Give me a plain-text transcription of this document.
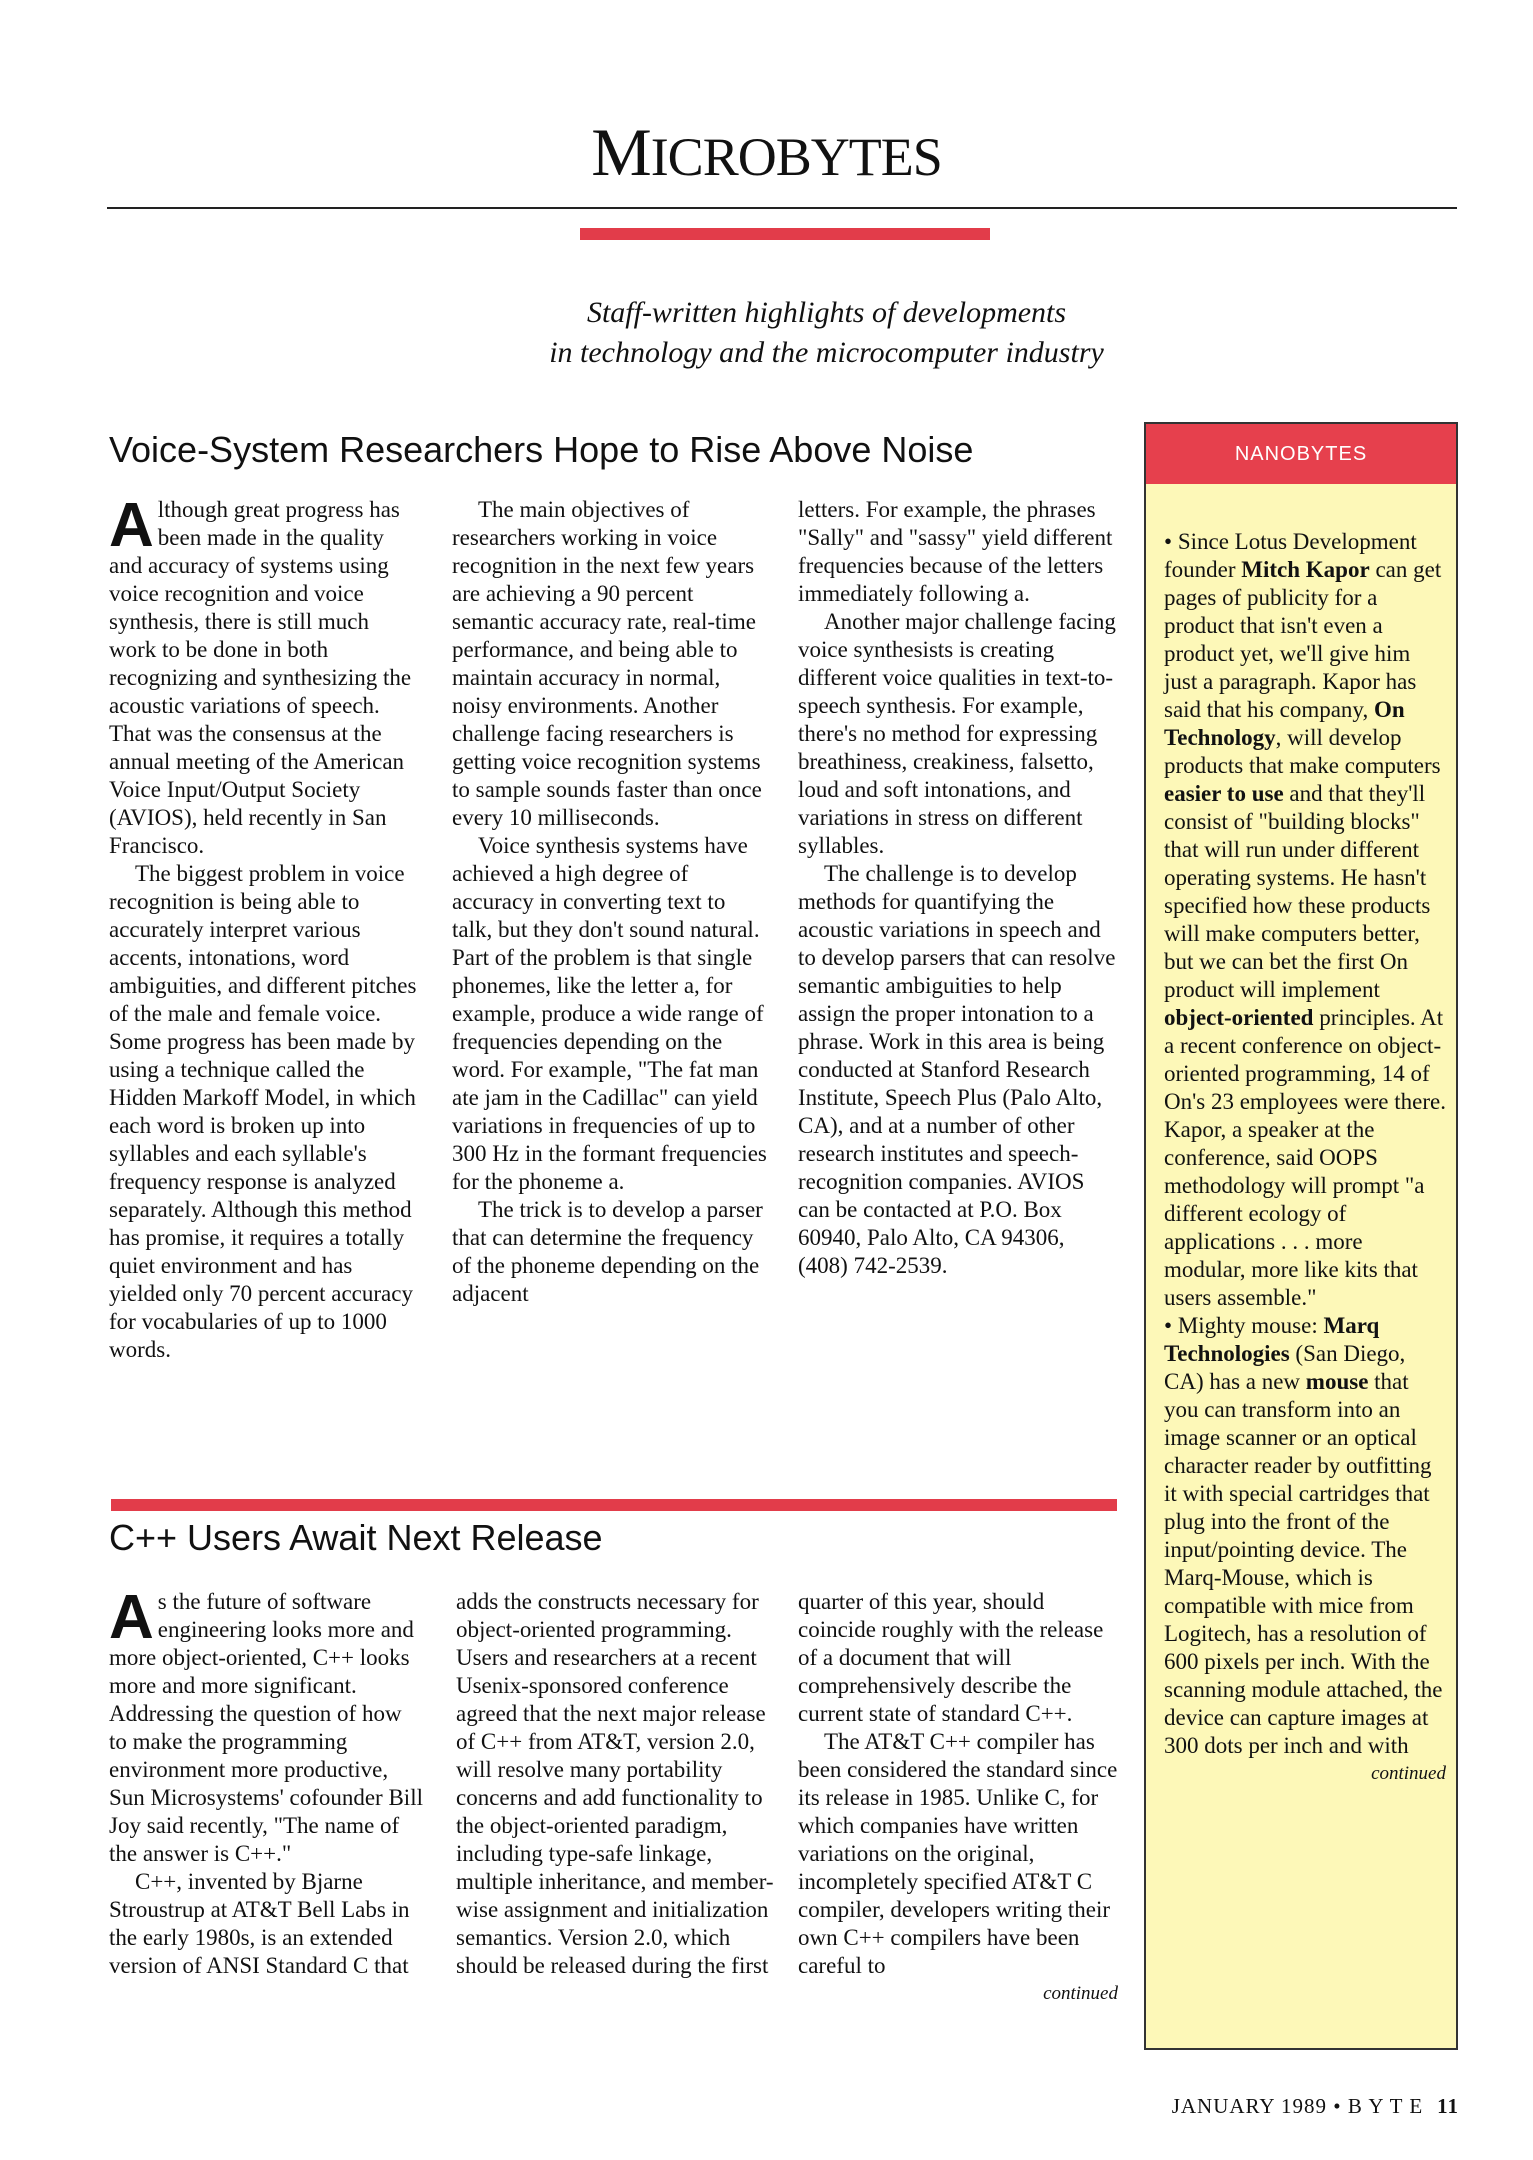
MICROBYTES
Staff-written highlights of developments
in technology and the microcomputer industry
Voice-System Researchers Hope to Rise Above Noise

Although great progress has been made in the quality and accuracy of systems using voice recognition and voice synthesis, there is still much work to be done in both recognizing and synthesizing the acoustic variations of speech. That was the consensus at the annual meeting of the American Voice Input/Output Society (AVIOS), held recently in San Francisco.

The biggest problem in voice recognition is being able to accurately interpret various accents, intonations, word ambiguities, and different pitches of the male and female voice. Some progress has been made by using a technique called the Hidden Markoff Model, in which each word is broken up into syllables and each syllable's frequency response is analyzed separately. Although this method has promise, it requires a totally quiet environment and has yielded only 70 percent accuracy for vocabularies of up to 1000 words.

The main objectives of researchers working in voice recognition in the next few years are achieving a 90 percent semantic accuracy rate, real-time performance, and being able to maintain accuracy in normal, noisy environments. Another challenge facing researchers is getting voice recognition systems to sample sounds faster than once every 10 milliseconds.

Voice synthesis systems have achieved a high degree of accuracy in converting text to talk, but they don't sound natural. Part of the problem is that single phonemes, like the letter a, for example, produce a wide range of frequencies depending on the word. For example, "The fat man ate jam in the Cadillac" can yield variations in frequencies of up to 300 Hz in the formant frequencies for the phoneme a.

The trick is to develop a parser that can determine the frequency of the phoneme depending on the adjacent

letters. For example, the phrases "Sally" and "sassy" yield different frequencies because of the letters immediately following a.

Another major challenge facing voice synthesists is creating different voice qualities in text-to-speech synthesis. For example, there's no method for expressing breathiness, creakiness, falsetto, loud and soft intonations, and variations in stress on different syllables.

The challenge is to develop methods for quantifying the acoustic variations in speech and to develop parsers that can resolve semantic ambiguities to help assign the proper intonation to a phrase. Work in this area is being conducted at Stanford Research Institute, Speech Plus (Palo Alto, CA), and at a number of other research institutes and speech-recognition companies. AVIOS can be contacted at P.O. Box 60940, Palo Alto, CA 94306, (408) 742-2539.

C++ Users Await Next Release

As the future of software engineering looks more and more object-oriented, C++ looks more and more significant. Addressing the question of how to make the programming environment more productive, Sun Microsystems' cofounder Bill Joy said recently, "The name of the answer is C++."

C++, invented by Bjarne Stroustrup at AT&T Bell Labs in the early 1980s, is an extended version of ANSI Standard C that

adds the constructs necessary for object-oriented programming. Users and researchers at a recent Usenix-sponsored conference agreed that the next major release of C++ from AT&T, version 2.0, will resolve many portability concerns and add functionality to the object-oriented paradigm, including type-safe linkage, multiple inheritance, and member-wise assignment and initialization semantics. Version 2.0, which should be released during the first

quarter of this year, should coincide roughly with the release of a document that will comprehensively describe the current state of standard C++.

The AT&T C++ compiler has been considered the standard since its release in 1985. Unlike C, for which companies have written variations on the original, incompletely specified AT&T C compiler, developers writing their own C++ compilers have been careful to

continued
NANOBYTES

• Since Lotus Development founder Mitch Kapor can get pages of publicity for a product that isn't even a product yet, we'll give him just a paragraph. Kapor has said that his company, On Technology, will develop products that make computers easier to use and that they'll consist of "building blocks" that will run under different operating systems. He hasn't specified how these products will make computers better, but we can bet the first On product will implement object-oriented principles. At a recent conference on object-oriented programming, 14 of On's 23 employees were there. Kapor, a speaker at the conference, said OOPS methodology will prompt "a different ecology of applications . . . more modular, more like kits that users assemble."

• Mighty mouse: Marq Technologies (San Diego, CA) has a new mouse that you can transform into an image scanner or an optical character reader by outfitting it with special cartridges that plug into the front of the input/pointing device. The Marq-Mouse, which is compatible with mice from Logitech, has a resolution of 600 pixels per inch. With the scanning module attached, the device can capture images at 300 dots per inch and with

continued
JANUARY 1989 • B Y T E 11
